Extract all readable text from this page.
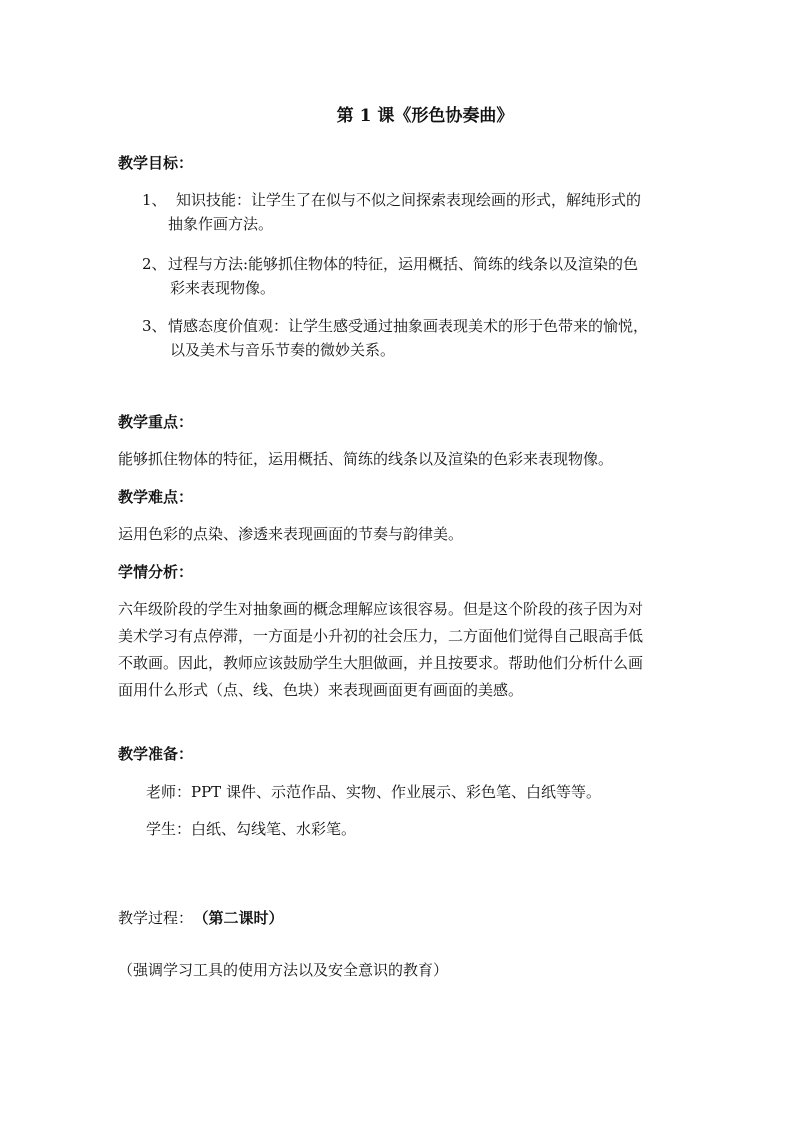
第 1 课《形色协奏曲》
教学目标：
1、 知识技能：让学生了在似与不似之间探索表现绘画的形式，解纯形式的
抽象作画方法。
2、 过程与方法:能够抓住物体的特征，运用概括、简练的线条以及渲染的色
彩来表现物像。
3、 情感态度价值观：让学生感受通过抽象画表现美术的形于色带来的愉悦，
以及美术与音乐节奏的微妙关系。
教学重点：
能够抓住物体的特征，运用概括、简练的线条以及渲染的色彩来表现物像。
教学难点：
运用色彩的点染、渗透来表现画面的节奏与韵律美。
学情分析：
六年级阶段的学生对抽象画的概念理解应该很容易。但是这个阶段的孩子因为对
美术学习有点停滞，一方面是小升初的社会压力，二方面他们觉得自己眼高手低
不敢画。因此，教师应该鼓励学生大胆做画，并且按要求。帮助他们分析什么画
面用什么形式（点、线、色块）来表现画面更有画面的美感。
教学准备：
老师：PPT 课件、示范作品、实物、作业展示、彩色笔、白纸等等。
学生：白纸、勾线笔、水彩笔。
教学过程： （第二课时）
（强调学习工具的使用方法以及安全意识的教育）
